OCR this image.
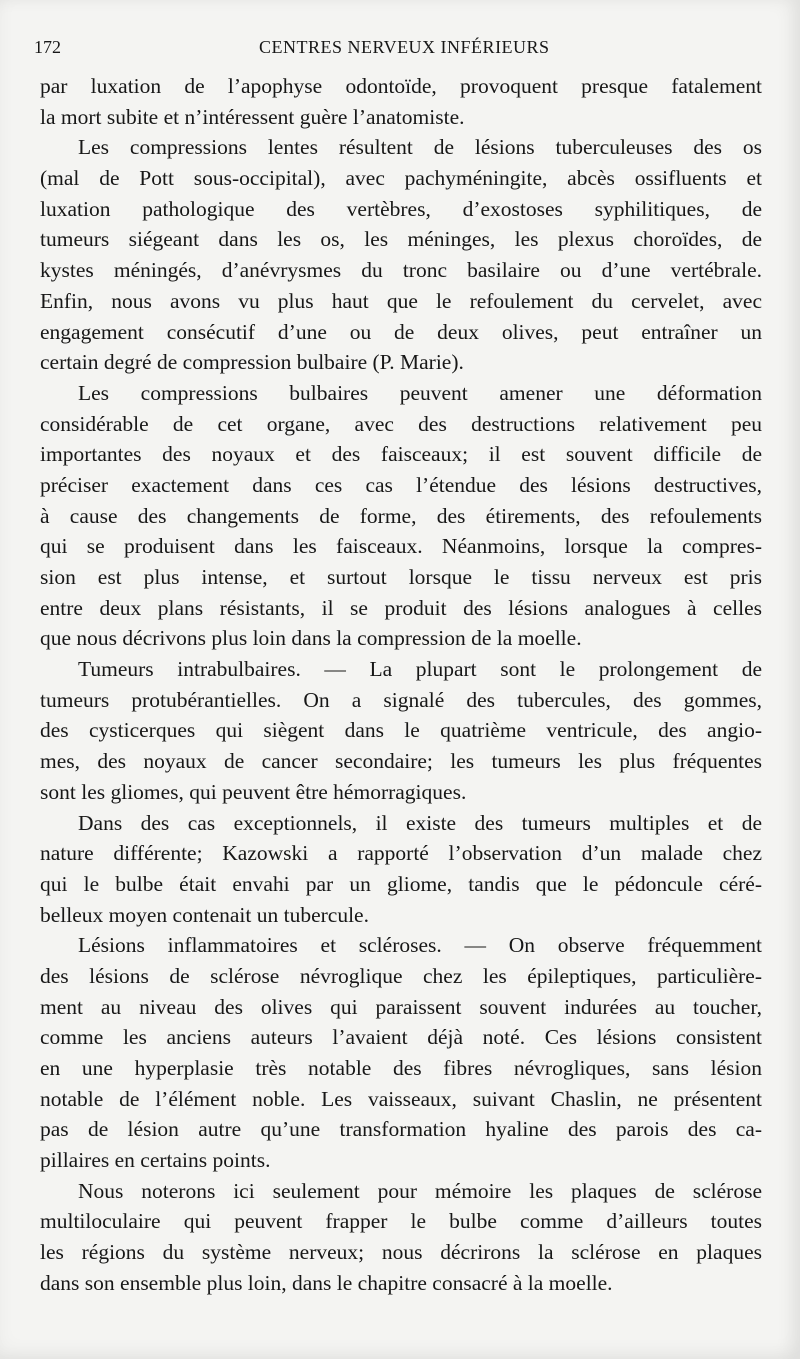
172	CENTRES NERVEUX INFÉRIEURS
par luxation de l’apophyse odontoïde, provoquent presque fatalement
la mort subite et n’intéressent guère l’anatomiste.
Les compressions lentes résultent de lésions tuberculeuses des os
(mal de Pott sous-occipital), avec pachyméningite, abcès ossifluents et
luxation pathologique des vertèbres, d’exostoses syphilitiques, de
tumeurs siégeant dans les os, les méninges, les plexus choroïdes, de
kystes méningés, d’anévrysmes du tronc basilaire ou d’une vertébrale.
Enfin, nous avons vu plus haut que le refoulement du cervelet, avec
engagement consécutif d’une ou de deux olives, peut entraîner un
certain degré de compression bulbaire (P. Marie).
Les compressions bulbaires peuvent amener une déformation
considérable de cet organe, avec des destructions relativement peu
importantes des noyaux et des faisceaux; il est souvent difficile de
préciser exactement dans ces cas l’étendue des lésions destructives,
à cause des changements de forme, des étirements, des refoulements
qui se produisent dans les faisceaux. Néanmoins, lorsque la compres-
sion est plus intense, et surtout lorsque le tissu nerveux est pris
entre deux plans résistants, il se produit des lésions analogues à celles
que nous décrivons plus loin dans la compression de la moelle.
Tumeurs intrabulbaires. — La plupart sont le prolongement de
tumeurs protubérantielles. On a signalé des tubercules, des gommes,
des cysticerques qui siègent dans le quatrième ventricule, des angio-
mes, des noyaux de cancer secondaire; les tumeurs les plus fréquentes
sont les gliomes, qui peuvent être hémorragiques.
Dans des cas exceptionnels, il existe des tumeurs multiples et de
nature différente; Kazowski a rapporté l’observation d’un malade chez
qui le bulbe était envahi par un gliome, tandis que le pédoncule céré-
belleux moyen contenait un tubercule.
Lésions inflammatoires et scléroses. — On observe fréquemment
des lésions de sclérose névroglique chez les épileptiques, particulière-
ment au niveau des olives qui paraissent souvent indurées au toucher,
comme les anciens auteurs l’avaient déjà noté. Ces lésions consistent
en une hyperplasie très notable des fibres névrogliques, sans lésion
notable de l’élément noble. Les vaisseaux, suivant Chaslin, ne présentent
pas de lésion autre qu’une transformation hyaline des parois des ca-
pillaires en certains points.
Nous noterons ici seulement pour mémoire les plaques de sclérose
multiloculaire qui peuvent frapper le bulbe comme d’ailleurs toutes
les régions du système nerveux; nous décrirons la sclérose en plaques
dans son ensemble plus loin, dans le chapitre consacré à la moelle.
